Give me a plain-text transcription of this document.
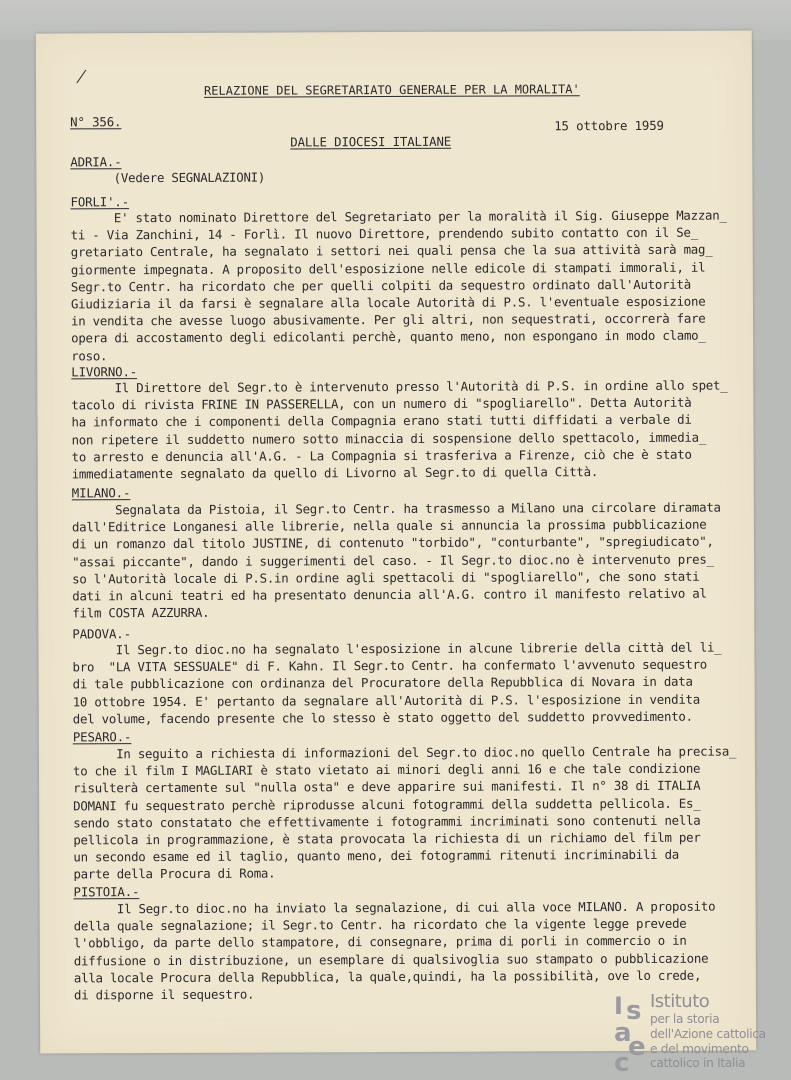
RELAZIONE DEL SEGRETARIATO GENERALE PER LA MORALITA'
N° 356.	15 ottobre 1959
DALLE DIOCESI ITALIANE
ADRIA.-
(Vedere SEGNALAZIONI)
FORLI'.-
E' stato nominato Direttore del Segretariato per la moralità il Sig. Giuseppe Mazzan_
ti - Via Zanchini, 14 - Forlì. Il nuovo Direttore, prendendo subito contatto con il Se_
gretariato Centrale, ha segnalato i settori nei quali pensa che la sua attività sarà mag_
giormente impegnata. A proposito dell'esposizione nelle edicole di stampati immorali, il
Segr.to Centr. ha ricordato che per quelli colpiti da sequestro ordinato dall'Autorità
Giudiziaria il da farsi è segnalare alla locale Autorità di P.S. l'eventuale esposizione
in vendita che avesse luogo abusivamente. Per gli altri, non sequestrati, occorrerà fare
opera di accostamento degli edicolanti perchè, quanto meno, non espongano in modo clamo_
roso.
LIVORNO.-
Il Direttore del Segr.to è intervenuto presso l'Autorità di P.S. in ordine allo spet_
tacolo di rivista FRINE IN PASSERELLA, con un numero di "spogliarello". Detta Autorità
ha informato che i componenti della Compagnia erano stati tutti diffidati a verbale di
non ripetere il suddetto numero sotto minaccia di sospensione dello spettacolo, immedia_
to arresto e denuncia all'A.G. - La Compagnia si trasferiva a Firenze, ciò che è stato
immediatamente segnalato da quello di Livorno al Segr.to di quella Città.
MILANO.-
Segnalata da Pistoia, il Segr.to Centr. ha trasmesso a Milano una circolare diramata
dall'Editrice Longanesi alle librerie, nella quale si annuncia la prossima pubblicazione
di un romanzo dal titolo JUSTINE, di contenuto "torbido", "conturbante", "spregiudicato",
"assai piccante", dando i suggerimenti del caso. - Il Segr.to dioc.no è intervenuto pres_
so l'Autorità locale di P.S.in ordine agli spettacoli di "spogliarello", che sono stati
dati in alcuni teatri ed ha presentato denuncia all'A.G. contro il manifesto relativo al
film COSTA AZZURRA.
PADOVA.-
Il Segr.to dioc.no ha segnalato l'esposizione in alcune librerie della città del li_
bro  "LA VITA SESSUALE" di F. Kahn. Il Segr.to Centr. ha confermato l'avvenuto sequestro
di tale pubblicazione con ordinanza del Procuratore della Repubblica di Novara in data
10 ottobre 1954. E' pertanto da segnalare all'Autorità di P.S. l'esposizione in vendita
del volume, facendo presente che lo stesso è stato oggetto del suddetto provvedimento.
PESARO.-
In seguito a richiesta di informazioni del Segr.to dioc.no quello Centrale ha precisa_
to che il film I MAGLIARI è stato vietato ai minori degli anni 16 e che tale condizione
risulterà certamente sul "nulla osta" e deve apparire sui manifesti. Il n° 38 di ITALIA
DOMANI fu sequestrato perchè riprodusse alcuni fotogrammi della suddetta pellicola. Es_
sendo stato constatato che effettivamente i fotogrammi incriminati sono contenuti nella
pellicola in programmazione, è stata provocata la richiesta di un richiamo del film per
un secondo esame ed il taglio, quanto meno, dei fotogrammi ritenuti incriminabili da
parte della Procura di Roma.
PISTOIA.-
Il Segr.to dioc.no ha inviato la segnalazione, di cui alla voce MILANO. A proposito
della quale segnalazione; il Segr.to Centr. ha ricordato che la vigente legge prevede
l'obbligo, da parte dello stampatore, di consegnare, prima di porli in commercio o in
diffusione o in distribuzione, un esemplare di qualsivoglia suo stampato o pubblicazione
alla locale Procura della Repubblica, la quale,quindi, ha la possibilità, ove lo crede,
di disporne il sequestro.	I s
a
e
c
Istituto
per la storia
dell'Azione cattolica
e del movimento
cattolico in Italia
